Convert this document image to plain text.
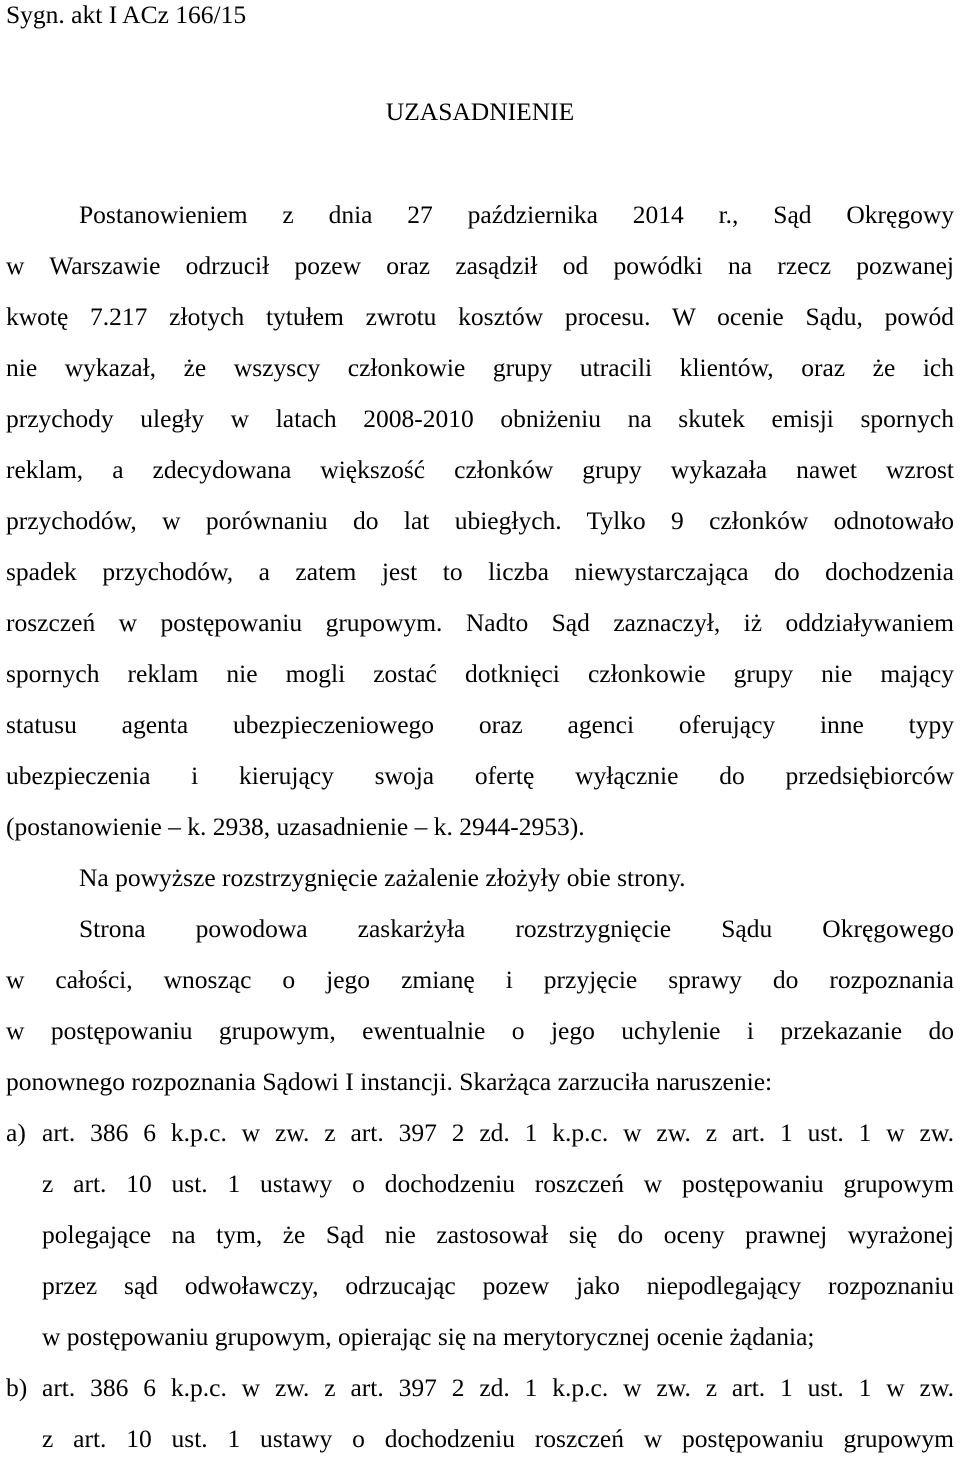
Sygn. akt I ACz 166/15
UZASADNIENIE
Postanowieniem z dnia 27 października 2014 r., Sąd Okręgowy
w Warszawie odrzucił pozew oraz zasądził od powódki na rzecz pozwanej
kwotę 7.217 złotych tytułem zwrotu kosztów procesu. W ocenie Sądu, powód
nie wykazał, że wszyscy członkowie grupy utracili klientów, oraz że ich
przychody uległy w latach 2008-2010 obniżeniu na skutek emisji spornych
reklam, a zdecydowana większość członków grupy wykazała nawet wzrost
przychodów, w porównaniu do lat ubiegłych. Tylko 9 członków odnotowało
spadek przychodów, a zatem jest to liczba niewystarczająca do dochodzenia
roszczeń w postępowaniu grupowym. Nadto Sąd zaznaczył, iż oddziaływaniem
spornych reklam nie mogli zostać dotknięci członkowie grupy nie mający
statusu agenta ubezpieczeniowego oraz agenci oferujący inne typy
ubezpieczenia i kierujący swoja ofertę wyłącznie do przedsiębiorców
(postanowienie – k. 2938, uzasadnienie – k. 2944-2953).
Na powyższe rozstrzygnięcie zażalenie złożyły obie strony.
Strona powodowa zaskarżyła rozstrzygnięcie Sądu Okręgowego
w całości, wnosząc o jego zmianę i przyjęcie sprawy do rozpoznania
w postępowaniu grupowym, ewentualnie o jego uchylenie i przekazanie do
ponownego rozpoznania Sądowi I instancji. Skarżąca zarzuciła naruszenie:
a) art. 386 6 k.p.c. w zw. z art. 397 2 zd. 1 k.p.c. w zw. z art. 1 ust. 1 w zw.
z art. 10 ust. 1 ustawy o dochodzeniu roszczeń w postępowaniu grupowym
polegające na tym, że Sąd nie zastosował się do oceny prawnej wyrażonej
przez sąd odwoławczy, odrzucając pozew jako niepodlegający rozpoznaniu
w postępowaniu grupowym, opierając się na merytorycznej ocenie żądania;
b) art. 386 6 k.p.c. w zw. z art. 397 2 zd. 1 k.p.c. w zw. z art. 1 ust. 1 w zw.
z art. 10 ust. 1 ustawy o dochodzeniu roszczeń w postępowaniu grupowym
